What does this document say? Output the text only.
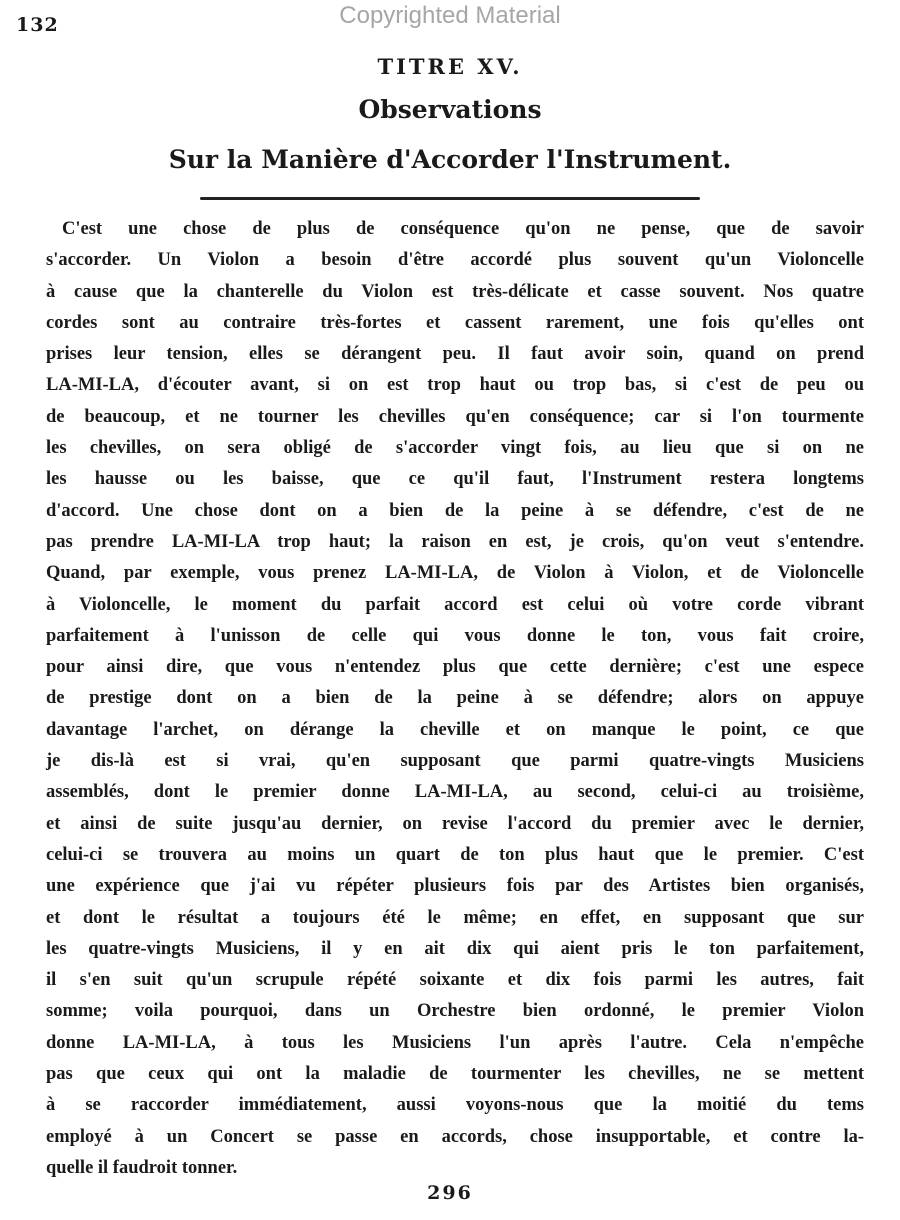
132	Copyrighted Material
TITRE XV.
Observations
Sur la Manière d'Accorder l'Instrument.
C'est une chose de plus de conséquence qu'on ne pense, que de savoir
s'accorder. Un Violon a besoin d'être accordé plus souvent qu'un Violoncelle
à cause que la chanterelle du Violon est très-délicate et casse souvent. Nos quatre
cordes sont au contraire très-fortes et cassent rarement, une fois qu'elles ont
prises leur tension, elles se dérangent peu. Il faut avoir soin, quand on prend
LA-MI-LA, d'écouter avant, si on est trop haut ou trop bas, si c'est de peu ou
de beaucoup, et ne tourner les chevilles qu'en conséquence; car si l'on tourmente
les chevilles, on sera obligé de s'accorder vingt fois, au lieu que si on ne
les hausse ou les baisse, que ce qu'il faut, l'Instrument restera longtems
d'accord. Une chose dont on a bien de la peine à se défendre, c'est de ne
pas prendre LA-MI-LA trop haut; la raison en est, je crois, qu'on veut s'entendre.
Quand, par exemple, vous prenez LA-MI-LA, de Violon à Violon, et de Violoncelle
à Violoncelle, le moment du parfait accord est celui où votre corde vibrant
parfaitement à l'unisson de celle qui vous donne le ton, vous fait croire,
pour ainsi dire, que vous n'entendez plus que cette dernière; c'est une espece
de prestige dont on a bien de la peine à se défendre; alors on appuye
davantage l'archet, on dérange la cheville et on manque le point, ce que
je dis-là est si vrai, qu'en supposant que parmi quatre-vingts Musiciens
assemblés, dont le premier donne LA-MI-LA, au second, celui-ci au troisième,
et ainsi de suite jusqu'au dernier, on revise l'accord du premier avec le dernier,
celui-ci se trouvera au moins un quart de ton plus haut que le premier. C'est
une expérience que j'ai vu répéter plusieurs fois par des Artistes bien organisés,
et dont le résultat a toujours été le même; en effet, en supposant que sur
les quatre-vingts Musiciens, il y en ait dix qui aient pris le ton parfaitement,
il s'en suit qu'un scrupule répété soixante et dix fois parmi les autres, fait
somme; voila pourquoi, dans un Orchestre bien ordonné, le premier Violon
donne LA-MI-LA, à tous les Musiciens l'un après l'autre. Cela n'empêche
pas que ceux qui ont la maladie de tourmenter les chevilles, ne se mettent
à se raccorder immédiatement, aussi voyons-nous que la moitié du tems
employé à un Concert se passe en accords, chose insupportable, et contre la-
quelle il faudroit tonner.
296
